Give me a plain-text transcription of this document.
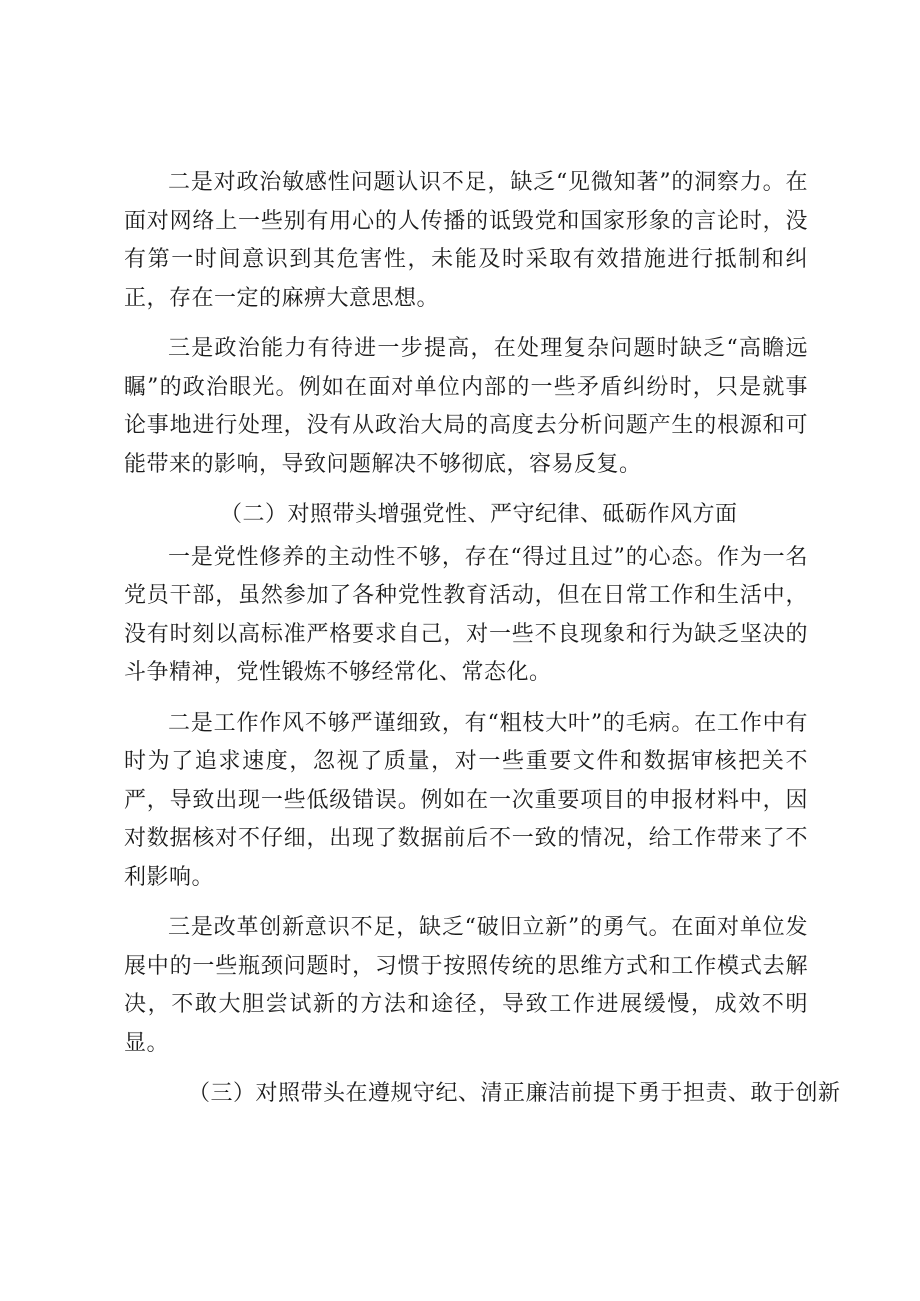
二是对政治敏感性问题认识不足，缺乏“见微知著”的洞察力。在面对网络上一些别有用心的人传播的诋毁党和国家形象的言论时，没有第一时间意识到其危害性，未能及时采取有效措施进行抵制和纠正，存在一定的麻痹大意思想。

三是政治能力有待进一步提高，在处理复杂问题时缺乏“高瞻远瞩”的政治眼光。例如在面对单位内部的一些矛盾纠纷时，只是就事论事地进行处理，没有从政治大局的高度去分析问题产生的根源和可能带来的影响，导致问题解决不够彻底，容易反复。

（二）对照带头增强党性、严守纪律、砥砺作风方面

一是党性修养的主动性不够，存在“得过且过”的心态。作为一名党员干部，虽然参加了各种党性教育活动，但在日常工作和生活中，没有时刻以高标准严格要求自己，对一些不良现象和行为缺乏坚决的斗争精神，党性锻炼不够经常化、常态化。

二是工作作风不够严谨细致，有“粗枝大叶”的毛病。在工作中有时为了追求速度，忽视了质量，对一些重要文件和数据审核把关不严，导致出现一些低级错误。例如在一次重要项目的申报材料中，因对数据核对不仔细，出现了数据前后不一致的情况，给工作带来了不利影响。

三是改革创新意识不足，缺乏“破旧立新”的勇气。在面对单位发展中的一些瓶颈问题时，习惯于按照传统的思维方式和工作模式去解决，不敢大胆尝试新的方法和途径，导致工作进展缓慢，成效不明显。

（三）对照带头在遵规守纪、清正廉洁前提下勇于担责、敢于创新
